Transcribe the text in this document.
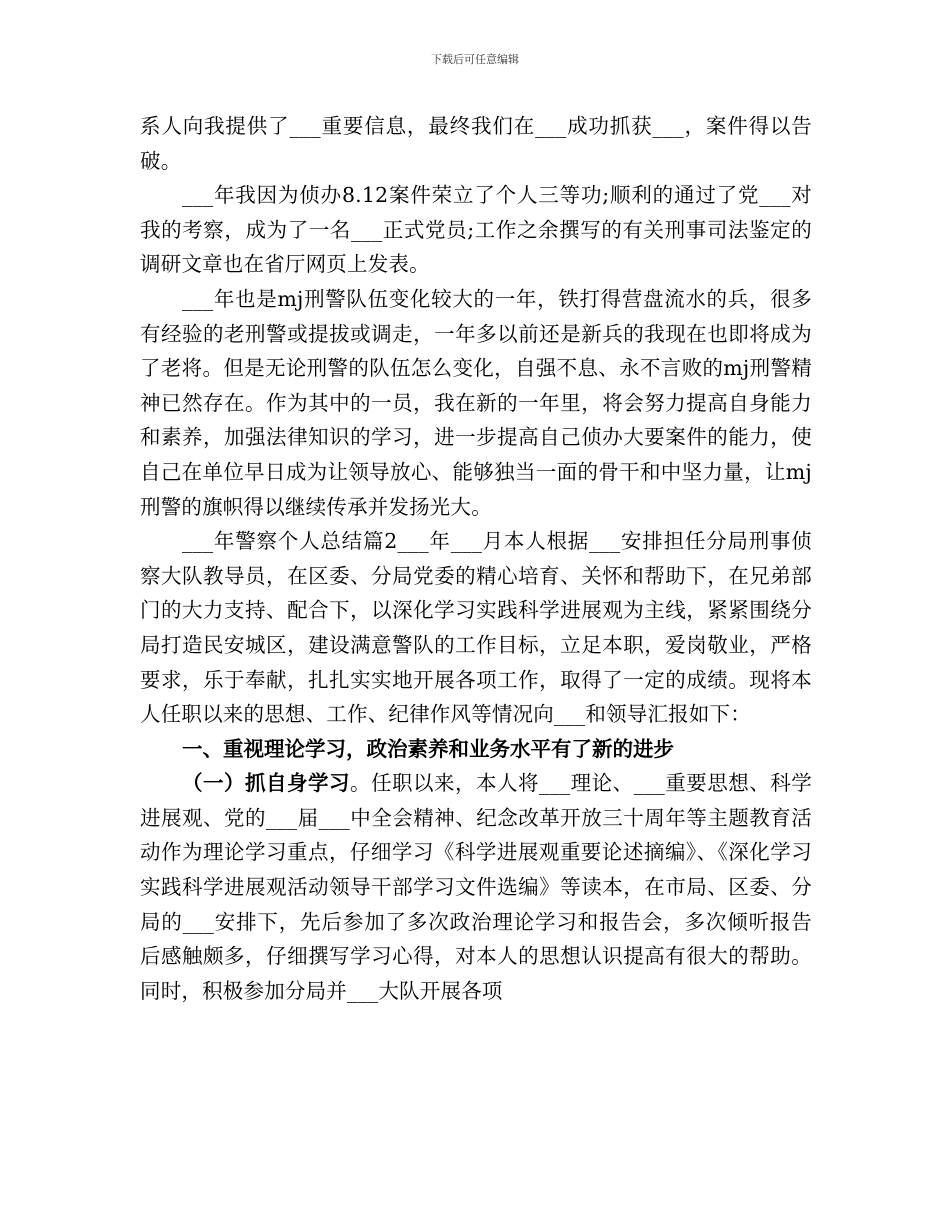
下载后可任意编辑

系人向我提供了___重要信息，最终我们在___成功抓获___，案件得以告破。

___年我因为侦办8.12案件荣立了个人三等功;顺利的通过了党___对我的考察，成为了一名___正式党员;工作之余撰写的有关刑事司法鉴定的调研文章也在省厅网页上发表。

___年也是mj刑警队伍变化较大的一年，铁打得营盘流水的兵，很多有经验的老刑警或提拔或调走，一年多以前还是新兵的我现在也即将成为了老将。但是无论刑警的队伍怎么变化，自强不息、永不言败的mj刑警精神已然存在。作为其中的一员，我在新的一年里，将会努力提高自身能力和素养，加强法律知识的学习，进一步提高自己侦办大要案件的能力，使自己在单位早日成为让领导放心、能够独当一面的骨干和中坚力量，让mj刑警的旗帜得以继续传承并发扬光大。

___年警察个人总结篇2___年___月本人根据___安排担任分局刑事侦察大队教导员，在区委、分局党委的精心培育、关怀和帮助下，在兄弟部门的大力支持、配合下，以深化学习实践科学进展观为主线，紧紧围绕分局打造民安城区，建设满意警队的工作目标，立足本职，爱岗敬业，严格要求，乐于奉献，扎扎实实地开展各项工作，取得了一定的成绩。现将本人任职以来的思想、工作、纪律作风等情况向___和领导汇报如下：

一、重视理论学习，政治素养和业务水平有了新的进步

（一）抓自身学习。任职以来，本人将___理论、___重要思想、科学进展观、党的___届___中全会精神、纪念改革开放三十周年等主题教育活动作为理论学习重点，仔细学习《科学进展观重要论述摘编》、《深化学习实践科学进展观活动领导干部学习文件选编》等读本，在市局、区委、分局的___安排下，先后参加了多次政治理论学习和报告会，多次倾听报告后感触颇多，仔细撰写学习心得，对本人的思想认识提高有很大的帮助。同时，积极参加分局并___大队开展各项
